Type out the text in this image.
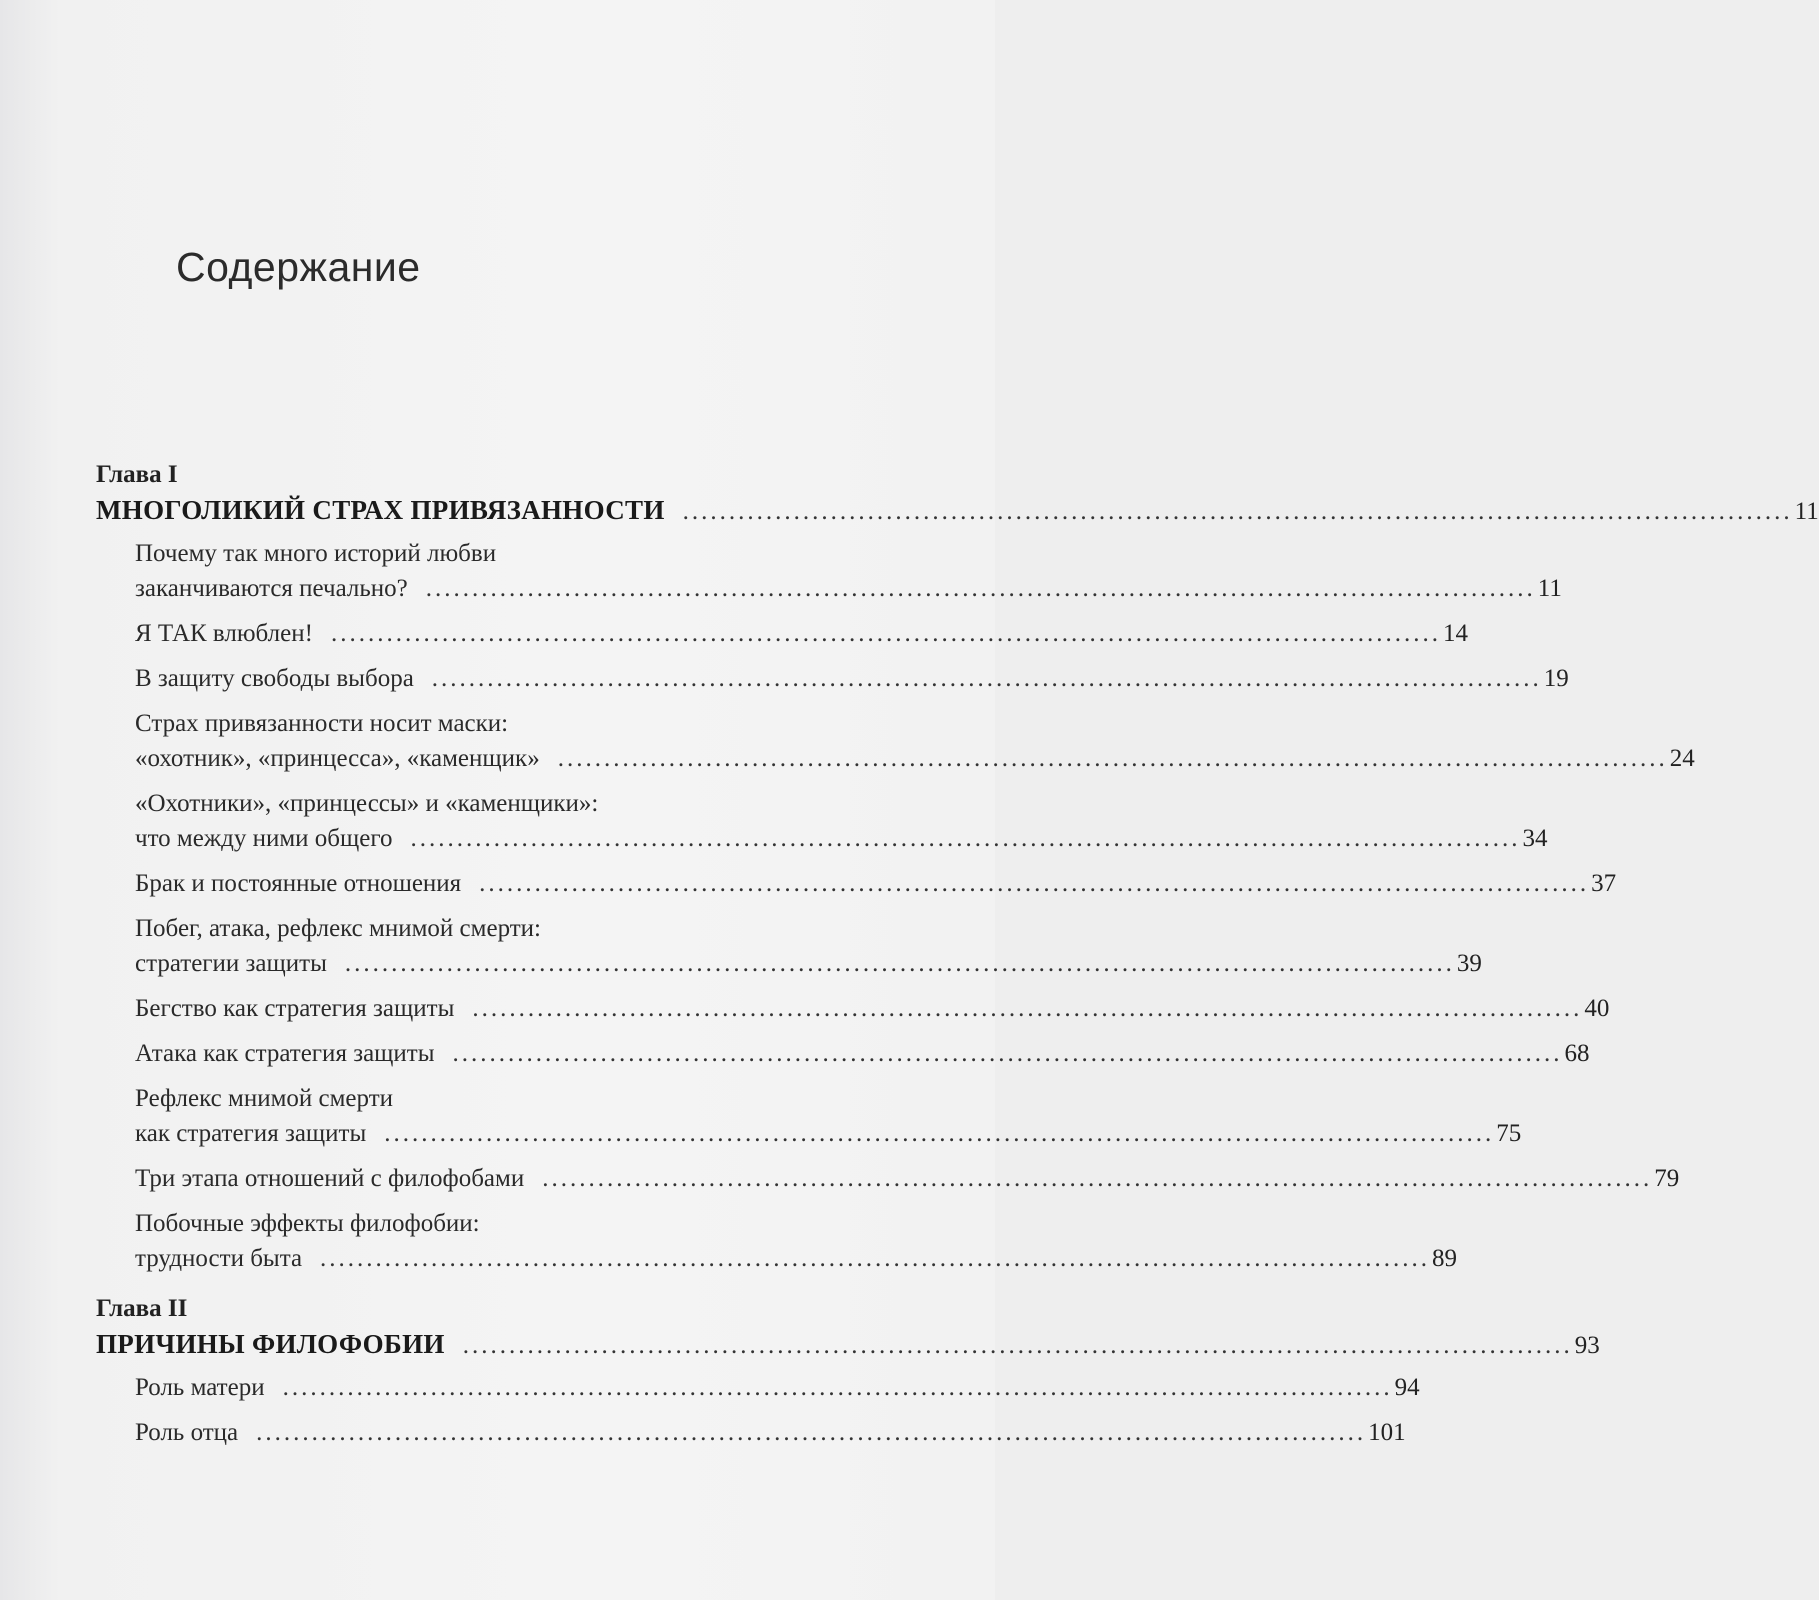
Содержание
Глава I
МНОГОЛИКИЙ СТРАХ ПРИВЯЗАННОСТИ ........................................................................................................................ 11
Почему так много историй любви
заканчиваются печально? ........................................................................................................................ 11
Я ТАК влюблен! ........................................................................................................................ 14
В защиту свободы выбора ........................................................................................................................ 19
Страх привязанности носит маски:
«охотник», «принцесса», «каменщик» ........................................................................................................................ 24
«Охотники», «принцессы» и «каменщики»:
что между ними общего ........................................................................................................................ 34
Брак и постоянные отношения ........................................................................................................................ 37
Побег, атака, рефлекс мнимой смерти:
стратегии защиты ........................................................................................................................ 39
Бегство как стратегия защиты ........................................................................................................................ 40
Атака как стратегия защиты ........................................................................................................................ 68
Рефлекс мнимой смерти
как стратегия защиты ........................................................................................................................ 75
Три этапа отношений с филофобами ........................................................................................................................ 79
Побочные эффекты филофобии:
трудности быта ........................................................................................................................ 89
Глава II
ПРИЧИНЫ ФИЛОФОБИИ ........................................................................................................................ 93
Роль матери ........................................................................................................................ 94
Роль отца ........................................................................................................................ 101
